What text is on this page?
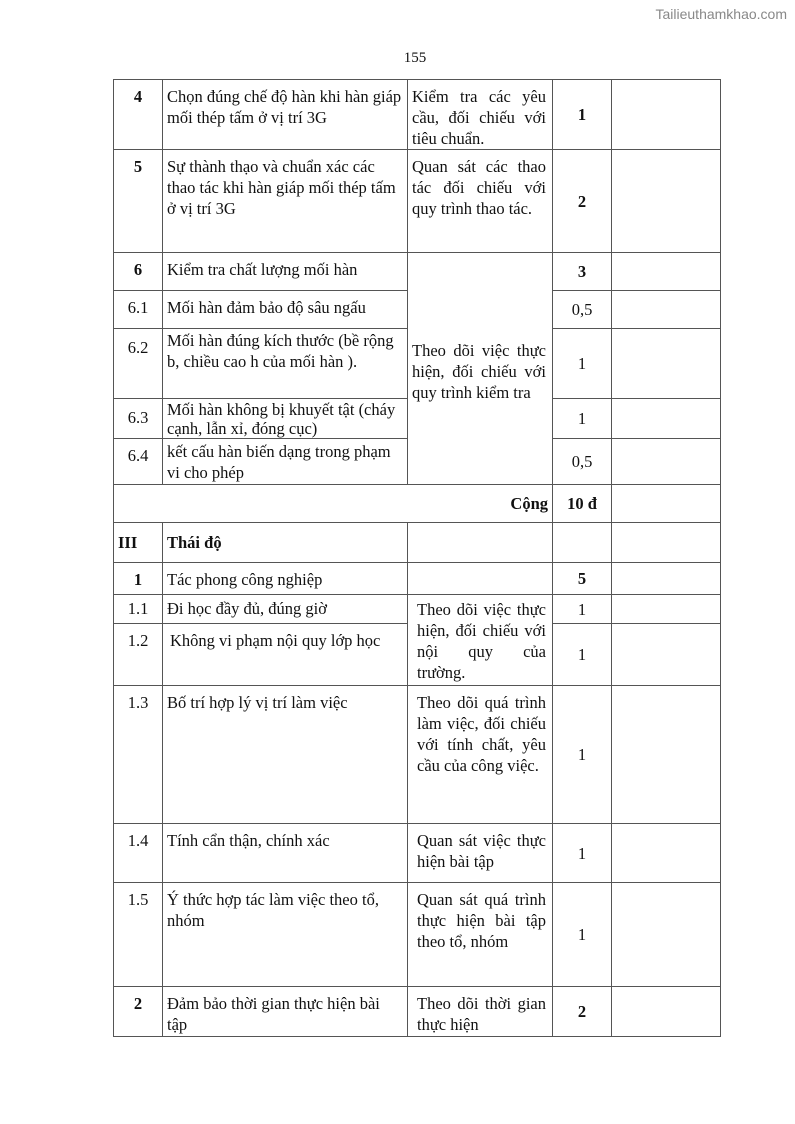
Tailieuthamkhao.com
155
4	Chọn đúng chế độ hàn khi hàn giáp mối thép tấm ở vị trí 3G	Kiểm tra các yêu cầu, đối chiếu với tiêu chuẩn.	1	
5	Sự thành thạo và chuẩn xác các thao tác khi hàn giáp mối thép tấm ở vị trí 3G	Quan sát các thao tác đối chiếu với quy trình thao tác.	2	
6	Kiểm tra chất lượng mối hàn	Theo dõi việc thực hiện, đối chiếu với quy trình kiểm tra	3	
6.1	Mối hàn đảm bảo độ sâu ngấu		0,5	
6.2	Mối hàn đúng kích thước (bề rộng b, chiều cao h của mối hàn ).		1	
6.3	Mối hàn không bị khuyết tật (cháy cạnh, lẫn xỉ, đóng cục)		1	
6.4	kết cấu hàn biến dạng trong phạm vi cho phép		0,5	
Cộng			10 đ	
III	Thái độ			
1	Tác phong công nghiệp		5	
1.1	Đi học đầy đủ, đúng giờ	Theo dõi việc thực hiện, đối chiếu với nội quy của trường.	1	
1.2	Không vi phạm nội quy lớp học		1	
1.3	Bố trí hợp lý vị trí làm việc	Theo dõi quá trình làm việc, đối chiếu với tính chất, yêu cầu của công việc.	1	
1.4	Tính cẩn thận, chính xác	Quan sát việc thực hiện bài tập	1	
1.5	Ý thức hợp tác làm việc theo tổ, nhóm	Quan sát quá trình thực hiện bài tập theo tổ, nhóm	1	
2	Đảm bảo thời gian thực hiện bài tập	Theo dõi thời gian thực hiện	2	
